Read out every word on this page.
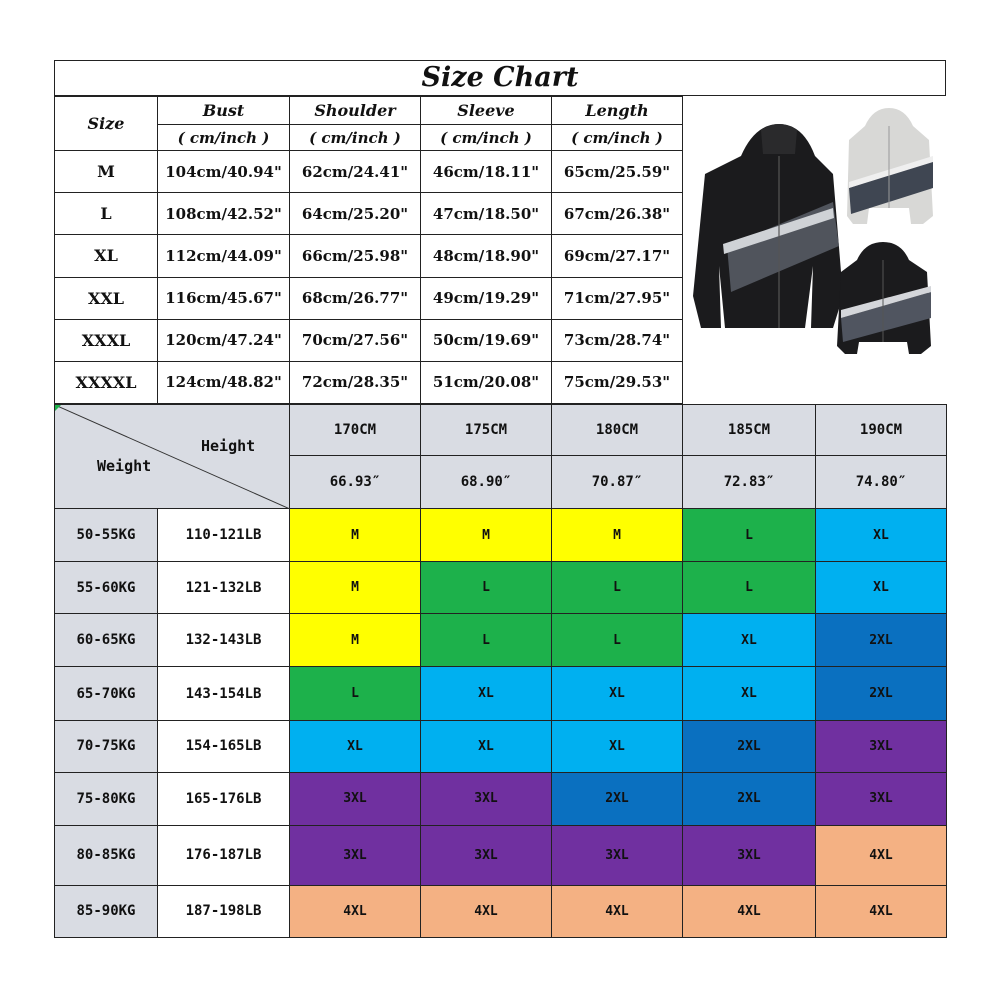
Size Chart
Size	Bust	Shoulder	Sleeve	Length
	( cm/inch )	( cm/inch )	( cm/inch )	( cm/inch )
M	104cm/40.94"	62cm/24.41"	46cm/18.11"	65cm/25.59"
L	108cm/42.52"	64cm/25.20"	47cm/18.50"	67cm/26.38"
XL	112cm/44.09"	66cm/25.98"	48cm/18.90"	69cm/27.17"
XXL	116cm/45.67"	68cm/26.77"	49cm/19.29"	71cm/27.95"
XXXL	120cm/47.24"	70cm/27.56"	50cm/19.69"	73cm/28.74"
XXXXL	124cm/48.82"	72cm/28.35"	51cm/20.08"	75cm/29.53"
Height
Weight		170CM	175CM	180CM	185CM	190CM
		66.93″	68.90″	70.87″	72.83″	74.80″
50-55KG	110-121LB	M	M	M	L	XL
55-60KG	121-132LB	M	L	L	L	XL
60-65KG	132-143LB	M	L	L	XL	2XL
65-70KG	143-154LB	L	XL	XL	XL	2XL
70-75KG	154-165LB	XL	XL	XL	2XL	3XL
75-80KG	165-176LB	3XL	3XL	2XL	2XL	3XL
80-85KG	176-187LB	3XL	3XL	3XL	3XL	4XL
85-90KG	187-198LB	4XL	4XL	4XL	4XL	4XL
